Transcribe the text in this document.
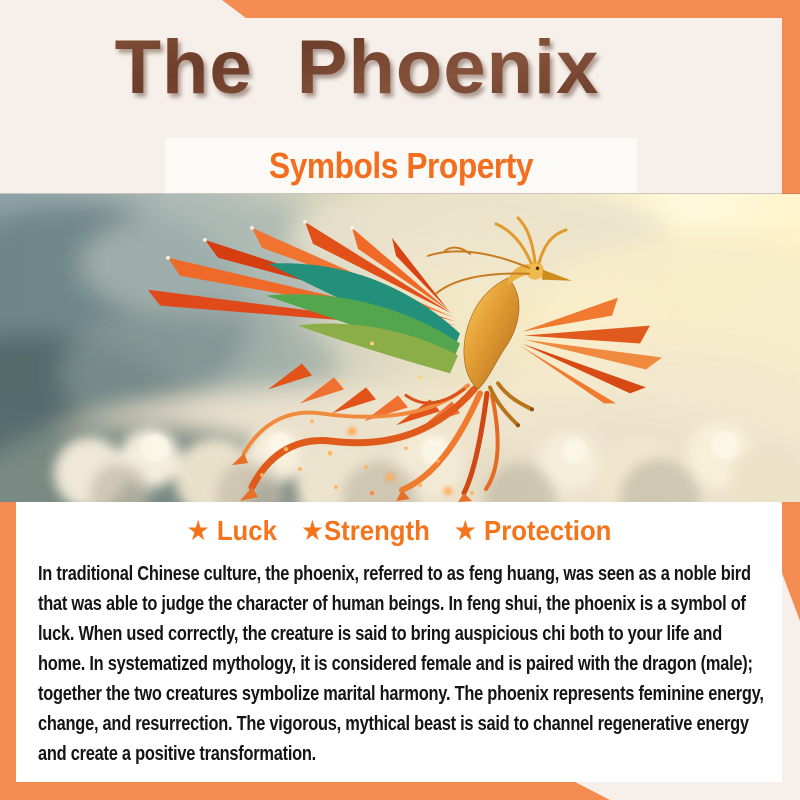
The Phoenix
Symbols Property
★ Luck ★Strength ★ Protection

In traditional Chinese culture, the phoenix, referred to as feng huang, was seen as a noble bird that was able to judge the character of human beings. In feng shui, the phoenix is a symbol of luck. When used correctly, the creature is said to bring auspicious chi both to your life and home. In systematized mythology, it is considered female and is paired with the dragon (male); together the two creatures symbolize marital harmony. The phoenix represents feminine energy, change, and resurrection. The vigorous, mythical beast is said to channel regenerative energy and create a positive transformation.
